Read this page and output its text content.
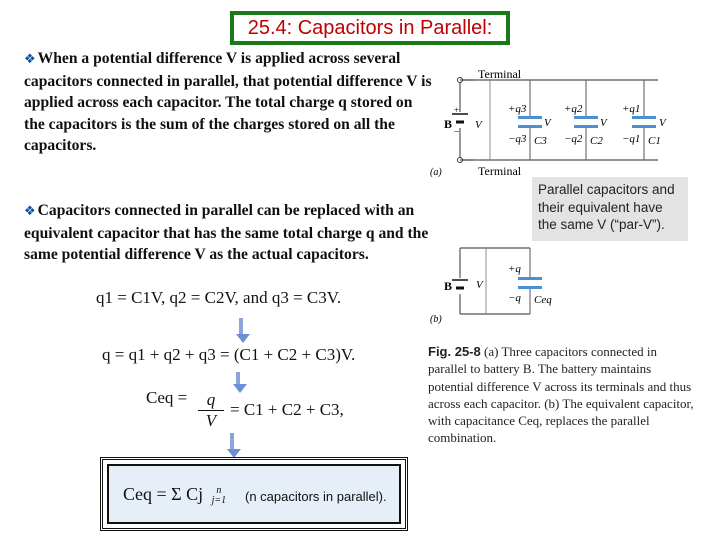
25.4: Capacitors in Parallel:
❖ When a potential difference V is applied across several capacitors connected in parallel, that potential difference V is applied across each capacitor. The total charge q stored on the capacitors is the sum of the charges stored on all the capacitors.
❖ Capacitors connected in parallel can be replaced with an equivalent capacitor that has the same total charge q and the same potential difference V as the actual capacitors.
q1 = C1V, q2 = C2V, and q3 = C3V.
q = q1 + q2 + q3 = (C1 + C2 + C3)V.
Ceq = $\frac{q}{V} = C1 + C2 + C3$,
Ceq = Σ Cj	n
j=1 (n capacitors in parallel).
Terminal
Terminal
B
+
−
V
+q3
−q3 C3
V
+q2
−q2 C2
V
+q1
−q1 C1
V
(a)
Parallel capacitors and their equivalent have the same V (“par-V”).
B V
+q
−q Ceq
(b)
Fig. 25-8 (a) Three capacitors connected in parallel to battery B. The battery maintains potential difference V across its terminals and thus across each capacitor. (b) The equivalent capacitor, with capacitance Ceq, replaces the parallel combination.
